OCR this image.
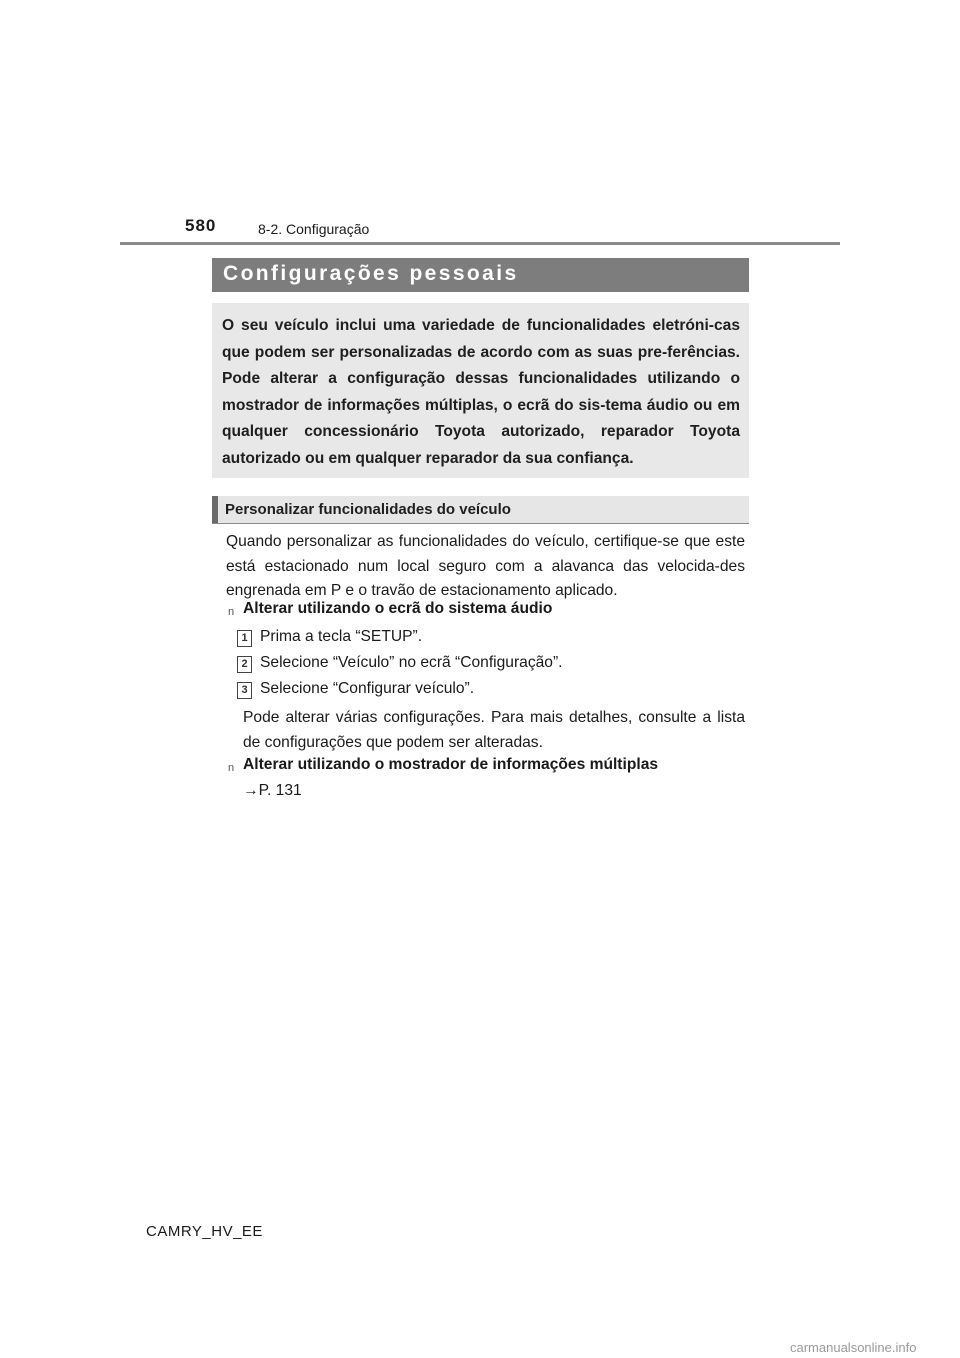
580	8-2. Configuração
Configurações pessoais

O seu veículo inclui uma variedade de funcionalidades eletróni-cas que podem ser personalizadas de acordo com as suas pre-ferências. Pode alterar a configuração dessas funcionalidades utilizando o mostrador de informações múltiplas, o ecrã do sis-tema áudio ou em qualquer concessionário Toyota autorizado, reparador Toyota autorizado ou em qualquer reparador da sua confiança.

Personalizar funcionalidades do veículo

Quando personalizar as funcionalidades do veículo, certifique-se que este está estacionado num local seguro com a alavanca das velocida-des engrenada em P e o travão de estacionamento aplicado.

n Alterar utilizando o ecrã do sistema áudio
1 Prima a tecla “SETUP”.
2 Selecione “Veículo” no ecrã “Configuração”.
3 Selecione “Configurar veículo”.

Pode alterar várias configurações. Para mais detalhes, consulte a lista de configurações que podem ser alteradas.

n Alterar utilizando o mostrador de informações múltiplas
→P. 131
CAMRY_HV_EE
carmanualsonline.info
